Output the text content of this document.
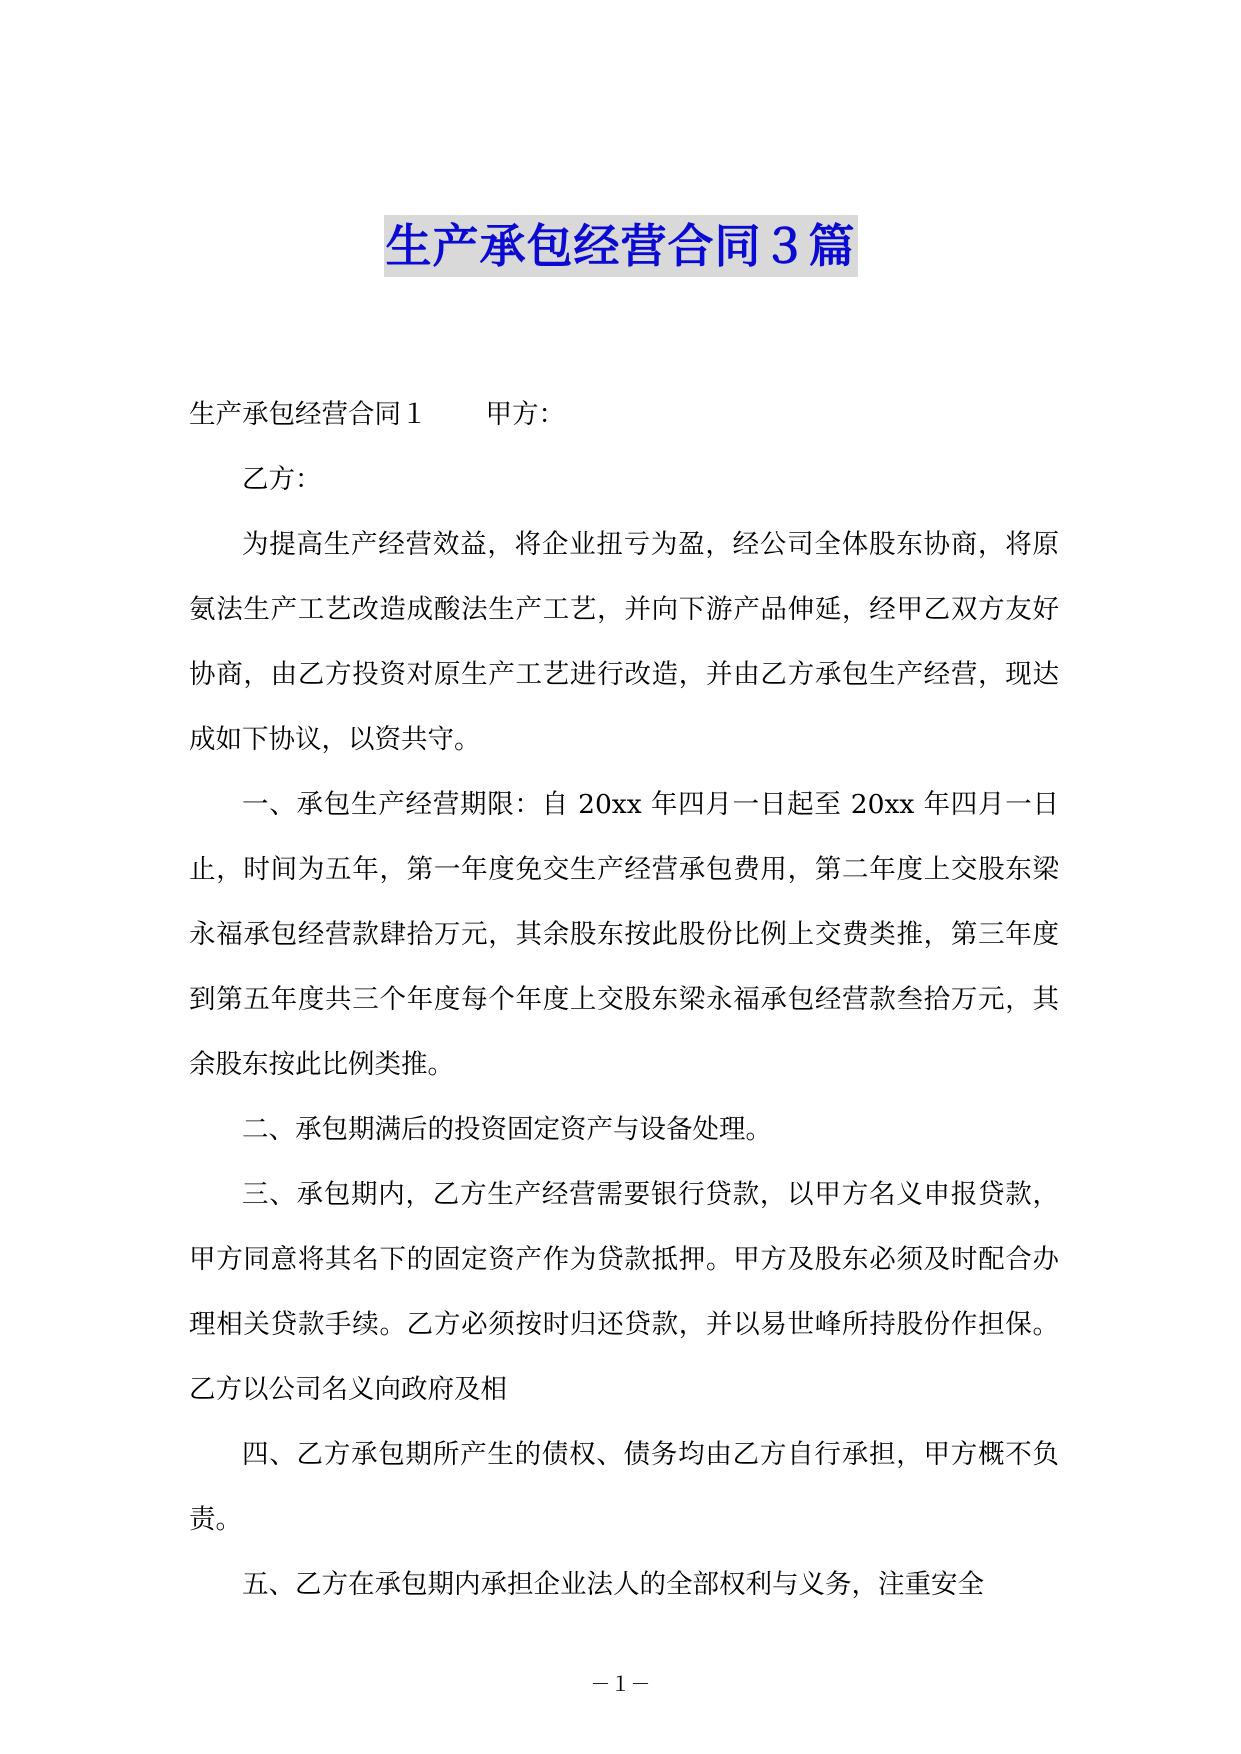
生产承包经营合同３篇

生产承包经营合同１ 甲方：

乙方：

为提高生产经营效益，将企业扭亏为盈，经公司全体股东协商，将原氨法生产工艺改造成酸法生产工艺，并向下游产品伸延，经甲乙双方友好协商，由乙方投资对原生产工艺进行改造，并由乙方承包生产经营，现达成如下协议，以资共守。

一、承包生产经营期限：自 20xx 年四月一日起至 20xx 年四月一日止，时间为五年，第一年度免交生产经营承包费用，第二年度上交股东梁永福承包经营款肆拾万元，其余股东按此股份比例上交费类推，第三年度到第五年度共三个年度每个年度上交股东梁永福承包经营款叁拾万元，其余股东按此比例类推。

二、承包期满后的投资固定资产与设备处理。

三、承包期内，乙方生产经营需要银行贷款，以甲方名义申报贷款，甲方同意将其名下的固定资产作为贷款抵押。甲方及股东必须及时配合办理相关贷款手续。乙方必须按时归还贷款，并以易世峰所持股份作担保。乙方以公司名义向政府及相

四、乙方承包期所产生的债权、债务均由乙方自行承担，甲方概不负责。

五、乙方在承包期内承担企业法人的全部权利与义务，注重安全

－１－
